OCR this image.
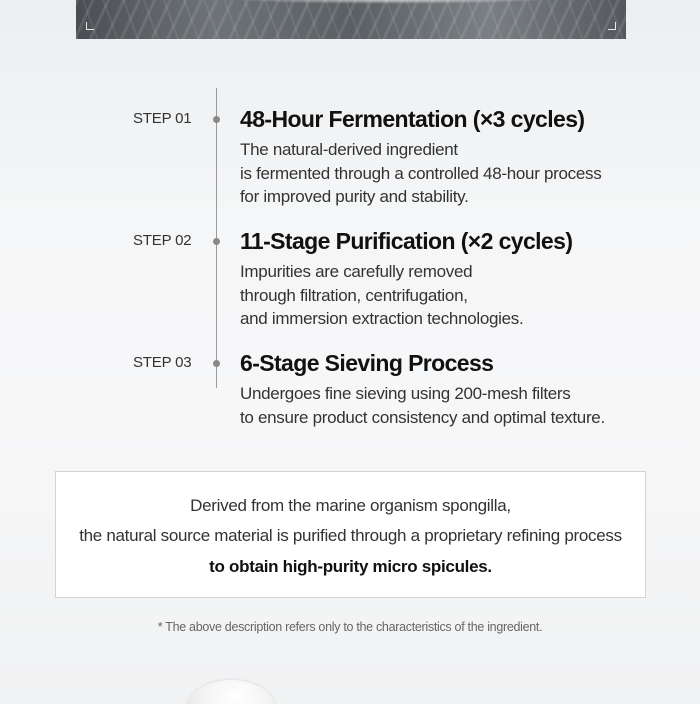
STEP 01 48-Hour Fermentation (×3 cycles)
The natural-derived ingredient
is fermented through a controlled 48-hour process
for improved purity and stability.
STEP 02 11-Stage Purification (×2 cycles)
Impurities are carefully removed
through filtration, centrifugation,
and immersion extraction technologies.
STEP 03 6-Stage Sieving Process
Undergoes fine sieving using 200-mesh filters
to ensure product consistency and optimal texture.
Derived from the marine organism spongilla,
the natural source material is purified through a proprietary refining process
to obtain high-purity micro spicules.
* The above description refers only to the characteristics of the ingredient.
